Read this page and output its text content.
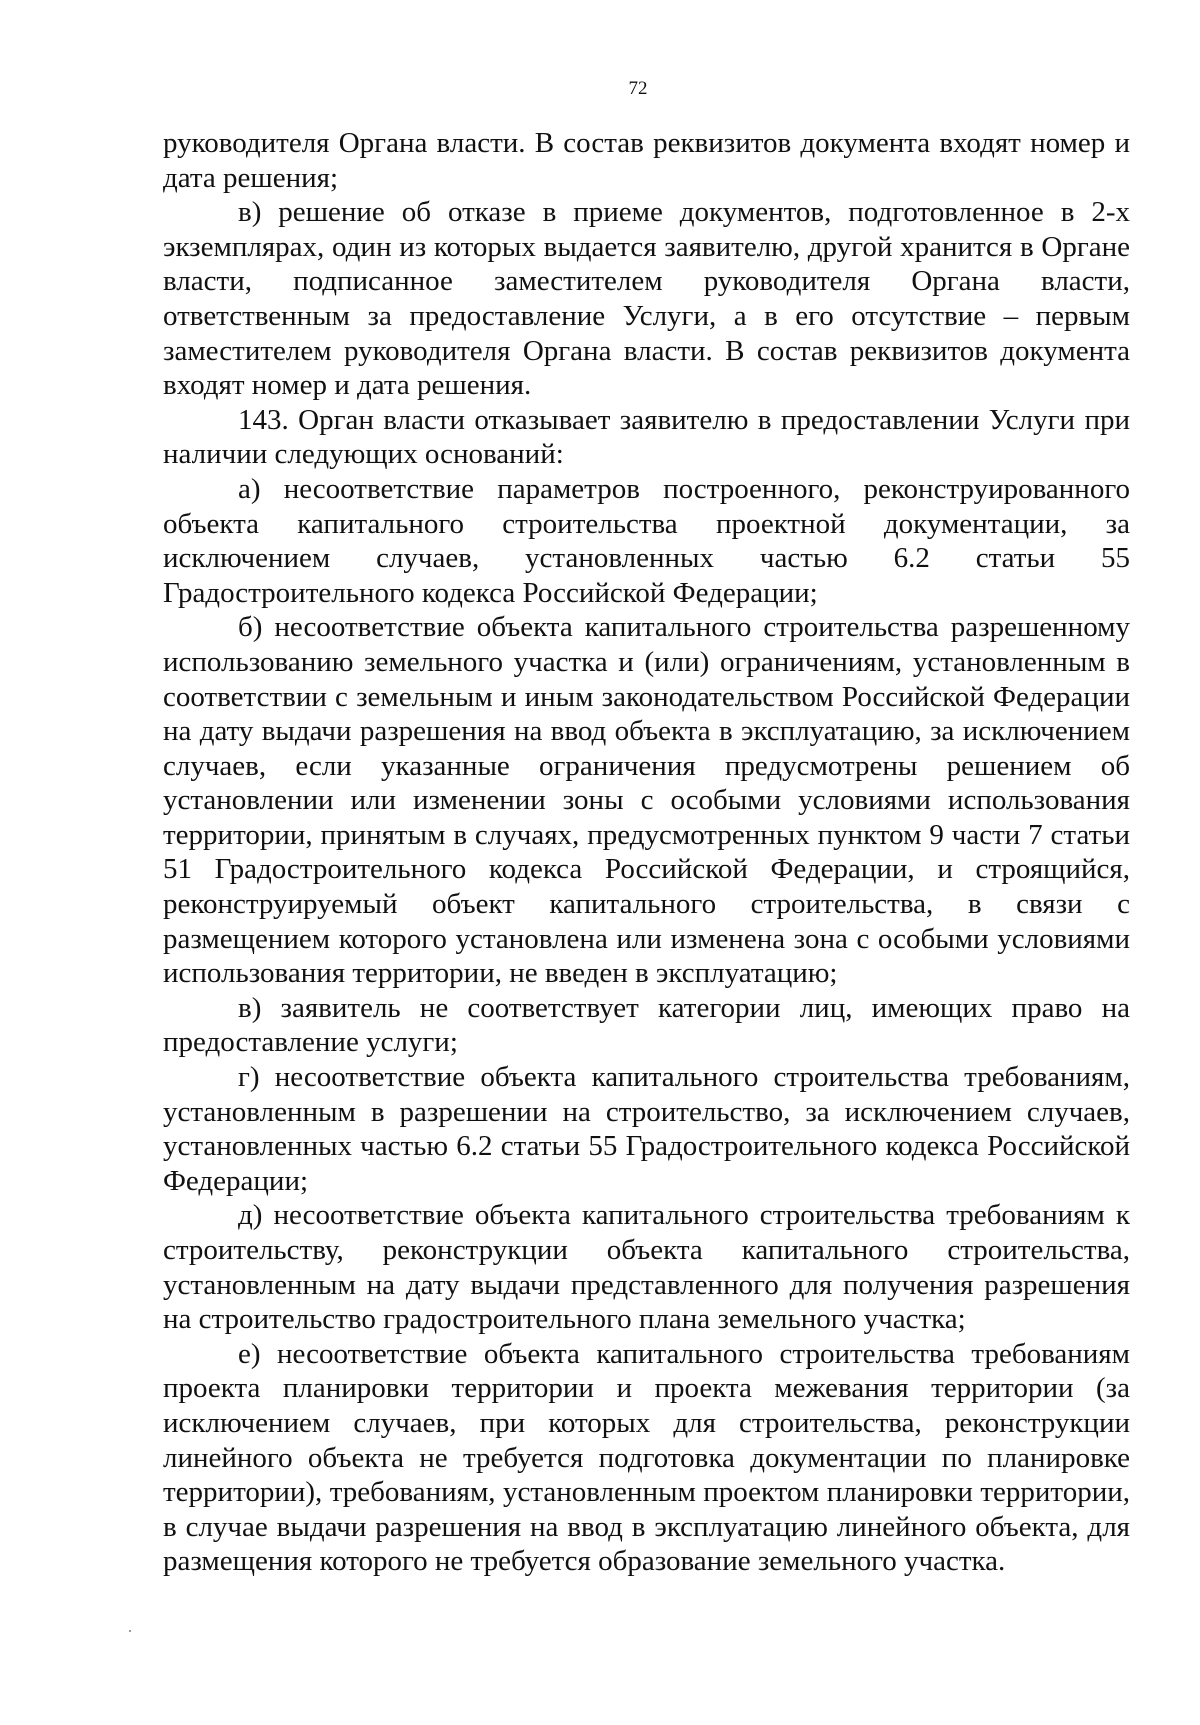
72

руководителя Органа власти. В состав реквизитов документа входят номер и дата решения;

в) решение об отказе в приеме документов, подготовленное в 2-х экземплярах, один из которых выдается заявителю, другой хранится в Органе власти, подписанное заместителем руководителя Органа власти, ответственным за предоставление Услуги, а в его отсутствие – первым заместителем руководителя Органа власти. В состав реквизитов документа входят номер и дата решения.

143. Орган власти отказывает заявителю в предоставлении Услуги при наличии следующих оснований:

а) несоответствие параметров построенного, реконструированного объекта капитального строительства проектной документации, за исключением случаев, установленных частью 6.2 статьи 55 Градостроительного кодекса Российской Федерации;

б) несоответствие объекта капитального строительства разрешенному использованию земельного участка и (или) ограничениям, установленным в соответствии с земельным и иным законодательством Российской Федерации на дату выдачи разрешения на ввод объекта в эксплуатацию, за исключением случаев, если указанные ограничения предусмотрены решением об установлении или изменении зоны с особыми условиями использования территории, принятым в случаях, предусмотренных пунктом 9 части 7 статьи 51 Градостроительного кодекса Российской Федерации, и строящийся, реконструируемый объект капитального строительства, в связи с размещением которого установлена или изменена зона с особыми условиями использования территории, не введен в эксплуатацию;

в) заявитель не соответствует категории лиц, имеющих право на предоставление услуги;

г) несоответствие объекта капитального строительства требованиям, установленным в разрешении на строительство, за исключением случаев, установленных частью 6.2 статьи 55 Градостроительного кодекса Российской Федерации;

д) несоответствие объекта капитального строительства требованиям к строительству, реконструкции объекта капитального строительства, установленным на дату выдачи представленного для получения разрешения на строительство градостроительного плана земельного участка;

е) несоответствие объекта капитального строительства требованиям проекта планировки территории и проекта межевания территории (за исключением случаев, при которых для строительства, реконструкции линейного объекта не требуется подготовка документации по планировке территории), требованиям, установленным проектом планировки территории, в случае выдачи разрешения на ввод в эксплуатацию линейного объекта, для размещения которого не требуется образование земельного участка.
